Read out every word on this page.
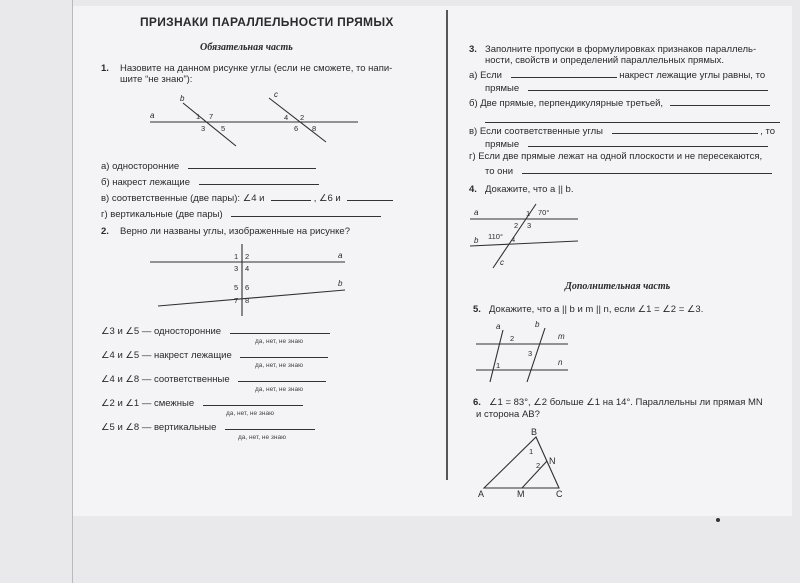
ПРИЗНАКИ ПАРАЛЛЕЛЬНОСТИ ПРЯМЫХ
Обязательная часть
1. Назовите на данном рисунке углы (если не сможете, то напи-
шите “не знаю”):
a
b	c
1 7
3 5
4 2
6 8
а) односторонние
б) накрест лежащие
в) соответственные (две пары): ∠4 и	, ∠6 и
г) вертикальные (две пары)
2. Верно ли названы углы, изображенные на рисунке?
a
b
1 2
3 4
5 6
7 8
∠3 и ∠5 — односторонние
да, нет, не знаю
∠4 и ∠5 — накрест лежащие
да, нет, не знаю
∠4 и ∠8 — соответственные
да, нет, не знаю
∠2 и ∠1 — смежные
да, нет, не знаю
∠5 и ∠8 — вертикальные
да, нет, не знаю
3. Заполните пропуски в формулировках признаков параллель-
ности, свойств и определений параллельных прямых.
а) Если	накрест лежащие углы равны, то
прямые
б) Две прямые, перпендикулярные третьей,
в) Если соответственные углы	, то
прямые
г) Если две прямые лежат на одной плоскости и не пересекаются,
то они
4. Докажите, что a || b.
a
b
c
1
2 3
4
70°
110°
Дополнительная часть
5. Докажите, что a || b и m || n, если ∠1 = ∠2 = ∠3.
a	b
m
n
2
3
1
6. ∠1 = 83°, ∠2 больше ∠1 на 14°. Параллельны ли прямая MN
и сторона AB?
B
A	M	C
N
1
2
